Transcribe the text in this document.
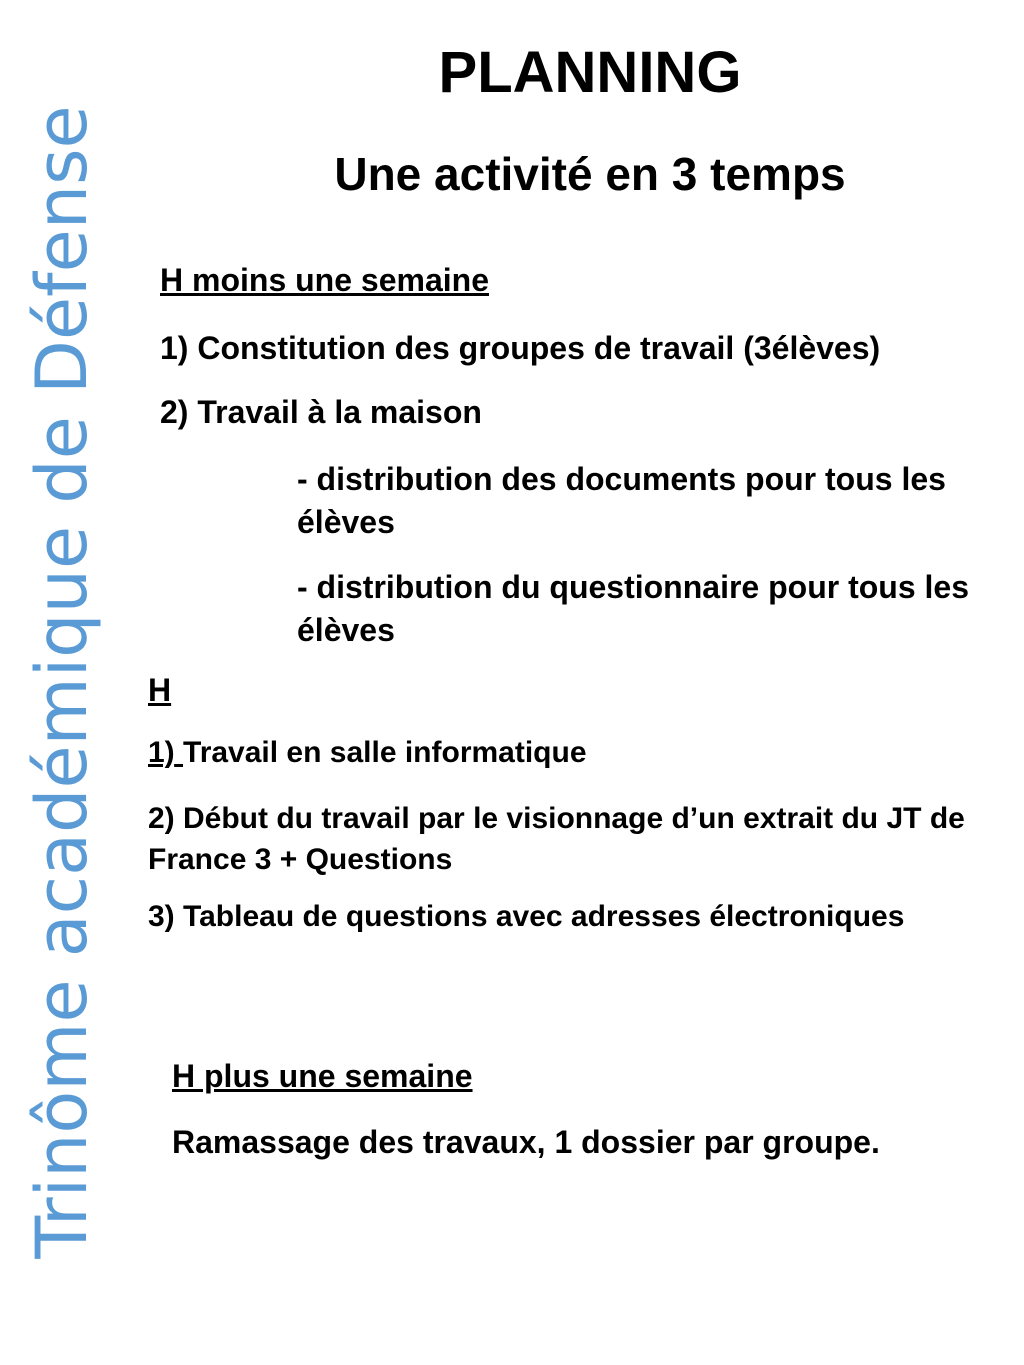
Trinôme académique de Défense
PLANNING
Une activité en 3 temps
H moins une semaine
1) Constitution des groupes de travail (3élèves)
2) Travail à la maison
- distribution des documents pour tous les élèves
- distribution du questionnaire pour tous les élèves
H
1) Travail en salle informatique
2) Début du travail par le visionnage d’un extrait du JT de France 3 + Questions
3) Tableau de questions avec adresses électroniques
H plus une semaine
Ramassage des travaux, 1 dossier par groupe.
